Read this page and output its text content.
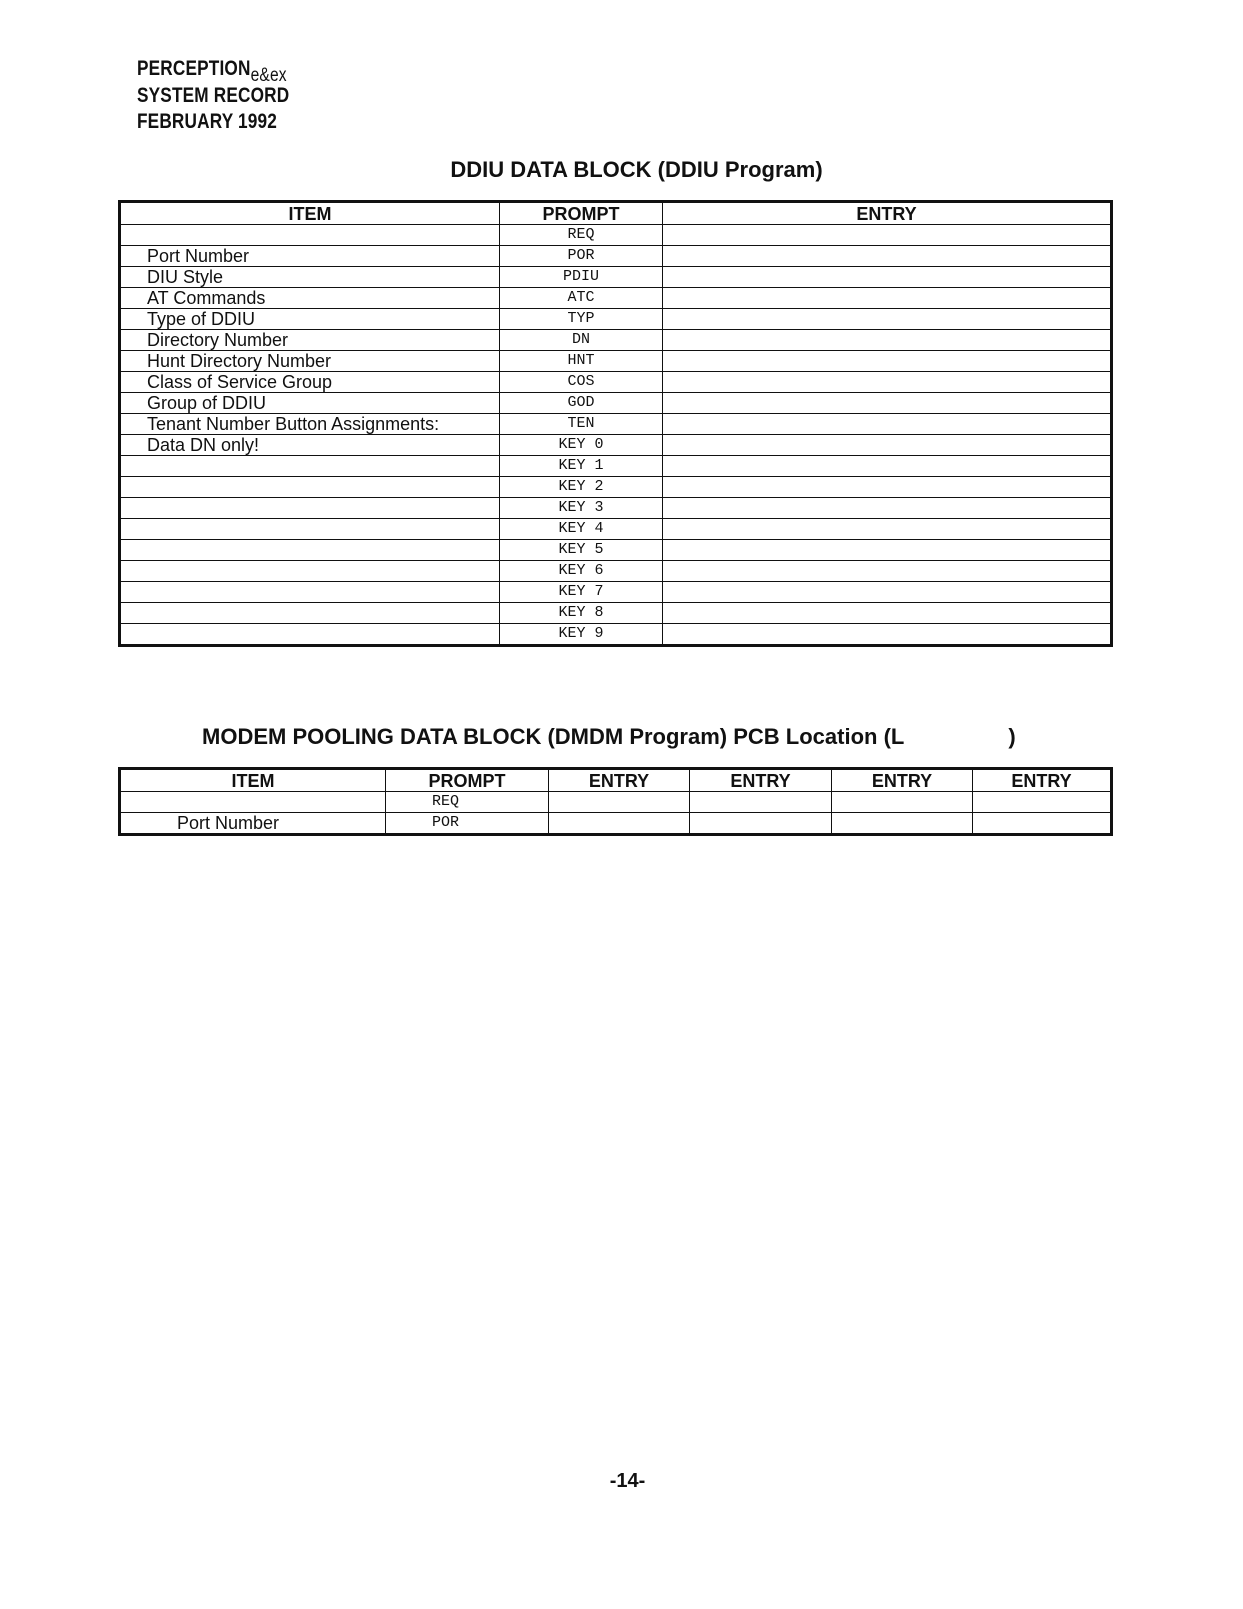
PERCEPTIONe&ex
SYSTEM RECORD
FEBRUARY 1992
DDIU DATA BLOCK (DDIU Program)
ITEM	PROMPT	ENTRY
	REQ	
Port Number	POR	
DIU Style	PDIU	
AT Commands	ATC	
Type of DDIU	TYP	
Directory Number	DN	
Hunt Directory Number	HNT	
Class of Service Group	COS	
Group of DDIU	GOD	
Tenant Number Button Assignments:	TEN	
Data DN only!	KEY 0	
	KEY 1	
	KEY 2	
	KEY 3	
	KEY 4	
	KEY 5	
	KEY 6	
	KEY 7	
	KEY 8	
	KEY 9	
MODEM POOLING DATA BLOCK (DMDM Program) PCB Location (L	)
ITEM	PROMPT	ENTRY	ENTRY	ENTRY	ENTRY
	REQ				
Port Number	POR				
-14-
